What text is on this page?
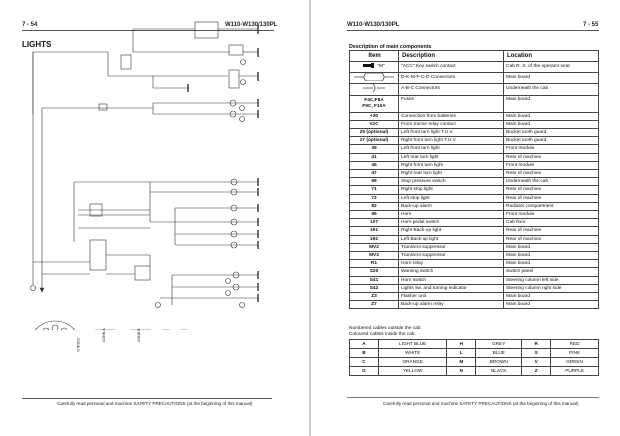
7 - 54	W110-W130/130PL
LIGHTS
CONN.D
CONN.A	CONN.B
Carefully read personal and machine SAFETY PRECAUTIONS (at the beginning of this manual)
W110-W130/130PL	7 - 55
Description of main components
Item	Description	Location
"M"	"ACC" Key switch contact	Cab R. S. of the operator seat
	D-K-M-F-C-D Connectors	Main board
	A-B-C Connectors	Underneath the cab

F4C,F8A
F9C, F10A	Fuses	Main board
+30	Connection from batteries	Main board
V2C	From tractor relay contact	Main board
25 (optional)	Left front turn light T.U.V.	Bucket tooth guard
27 (optional)	Right front turn light T.U.V.	Bucket tooth guard
39	Left front turn light	Front module
41	Left rear turn light	Rear of machine
45	Right front turn light	Front module
47	Right rear turn light	Rear of machine
69	Stop pressure switch	Underneath the cab
71	Right stop light	Rear of machine
72	Left stop light	Rear of machine
82	Back-up alarm	Radiator compartment
95	Horn	Front module
107	Horn pedal switch	Cab floor
191	Right Back-up light	Rear of machine
192	Left Back-up light	Rear of machine
MV2	Transient suppressor	Main board
MV3	Transient suppressor	Main board
R1	Horn relay	Main board
S20	Warning switch	Switch panel
S41	Horn switch	Steering column left side
S42	Lights sw. and turning indicator	Steering column right side
Z3	Flasher unit	Main board
Z7	Back-up alarm relay	Main board
Numbered cables outside the cab.
Coloured cables inside the cab.
A	LIGHT BLUE	H	GREY	R	RED
B	WHITE	L	BLUE	S	PINK
C	ORANGE	M	BROWN	V	GREEN
G	YELLOW	N	BLACK	Z	PURPLE
Carefully read personal and machine SAFETY PRECAUTIONS (at the beginning of this manual)
